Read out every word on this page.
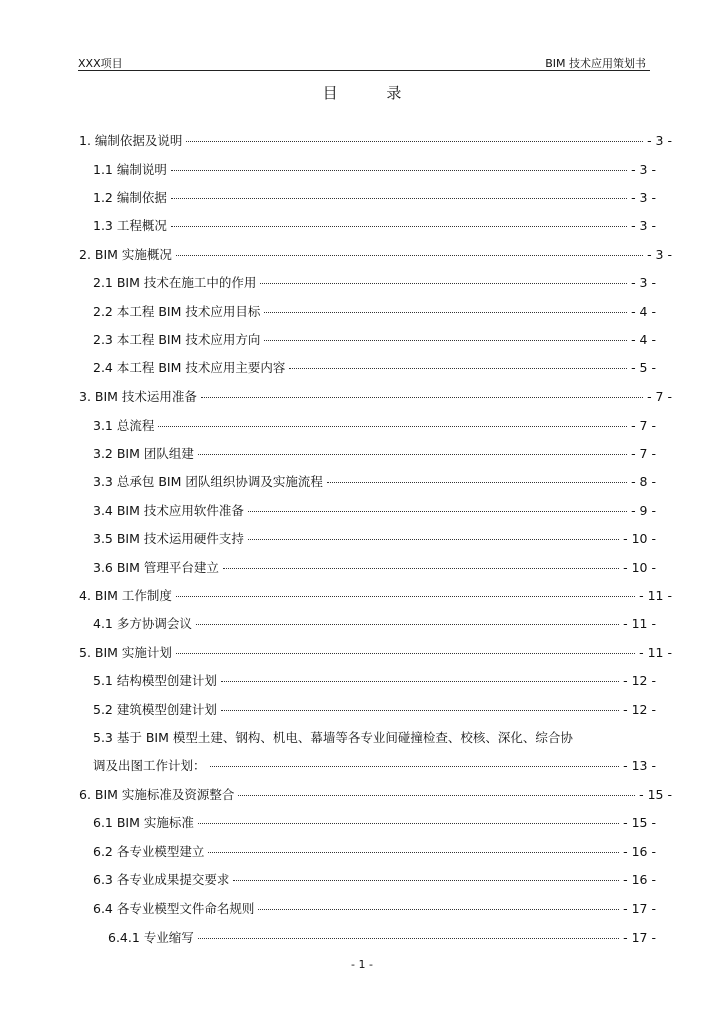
XXX项目	BIM 技术应用策划书
目 录
1. 编制依据及说明	- 3 -
1.1 编制说明	- 3 -
1.2 编制依据	- 3 -
1.3 工程概况	- 3 -
2. BIM 实施概况	- 3 -
2.1 BIM 技术在施工中的作用	- 3 -
2.2 本工程 BIM 技术应用目标	- 4 -
2.3 本工程 BIM 技术应用方向	- 4 -
2.4 本工程 BIM 技术应用主要内容	- 5 -
3. BIM 技术运用准备	- 7 -
3.1 总流程	- 7 -
3.2 BIM 团队组建	- 7 -
3.3 总承包 BIM 团队组织协调及实施流程	- 8 -
3.4 BIM 技术应用软件准备	- 9 -
3.5 BIM 技术运用硬件支持	- 10 -
3.6 BIM 管理平台建立	- 10 -
4. BIM 工作制度	- 11 -
4.1 多方协调会议	- 11 -
5. BIM 实施计划	- 11 -
5.1 结构模型创建计划	- 12 -
5.2 建筑模型创建计划	- 12 -
5.3 基于 BIM 模型土建、钢构、机电、幕墙等各专业间碰撞检查、校核、深化、综合协
调及出图工作计划：	- 13 -
6. BIM 实施标准及资源整合	- 15 -
6.1 BIM 实施标准	- 15 -
6.2 各专业模型建立	- 16 -
6.3 各专业成果提交要求	- 16 -
6.4 各专业模型文件命名规则	- 17 -
6.4.1 专业缩写	- 17 -
- 1 -
